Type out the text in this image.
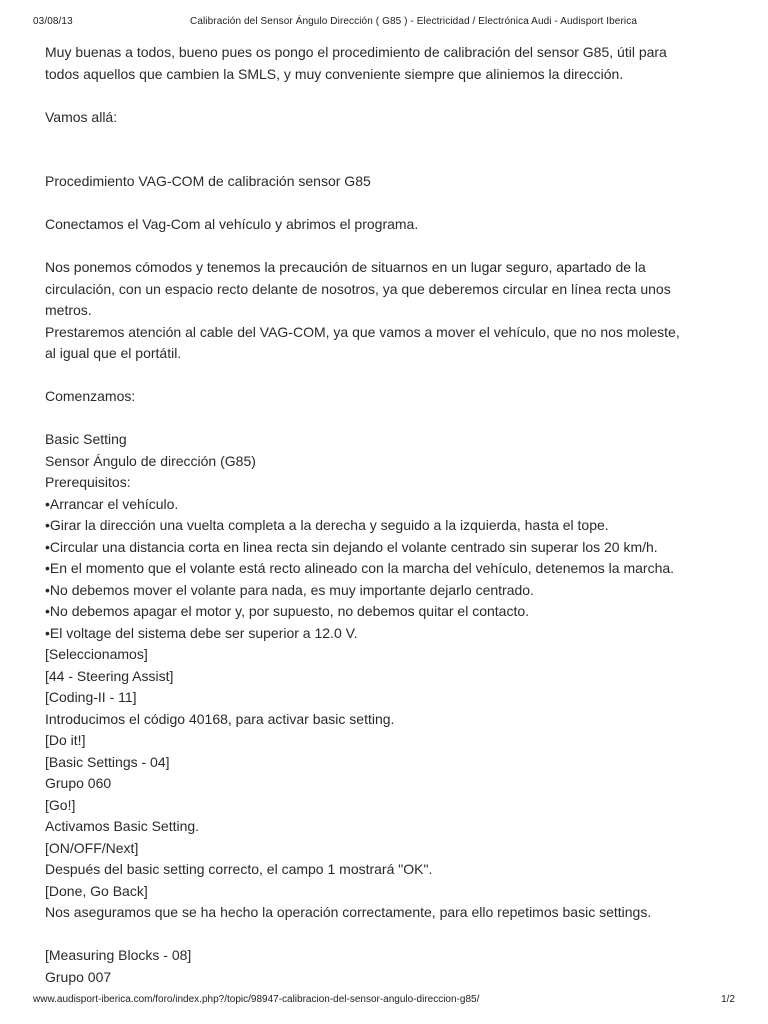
03/08/13	Calibración del Sensor Ángulo Dirección ( G85 ) - Electricidad / Electrónica Audi - Audisport Iberica
Muy buenas a todos, bueno pues os pongo el procedimiento de calibración del sensor G85, útil para
todos aquellos que cambien la SMLS, y muy conveniente siempre que aliniemos la dirección.
Vamos allá:
Procedimiento VAG-COM de calibración sensor G85
Conectamos el Vag-Com al vehículo y abrimos el programa.
Nos ponemos cómodos y tenemos la precaución de situarnos en un lugar seguro, apartado de la
circulación, con un espacio recto delante de nosotros, ya que deberemos circular en línea recta unos
metros.
Prestaremos atención al cable del VAG-COM, ya que vamos a mover el vehículo, que no nos moleste,
al igual que el portátil.
Comenzamos:
Basic Setting
Sensor Ángulo de dirección (G85)
Prerequisitos:
•Arrancar el vehículo.
•Girar la dirección una vuelta completa a la derecha y seguido a la izquierda, hasta el tope.
•Circular una distancia corta en linea recta sin dejando el volante centrado sin superar los 20 km/h.
•En el momento que el volante está recto alineado con la marcha del vehículo, detenemos la marcha.
•No debemos mover el volante para nada, es muy importante dejarlo centrado.
•No debemos apagar el motor y, por supuesto, no debemos quitar el contacto.
•El voltage del sistema debe ser superior a 12.0 V.
[Seleccionamos]
[44 - Steering Assist]
[Coding-II - 11]
Introducimos el código 40168, para activar basic setting.
[Do it!]
[Basic Settings - 04]
Grupo 060
[Go!]
Activamos Basic Setting.
[ON/OFF/Next]
Después del basic setting correcto, el campo 1 mostrará "OK".
[Done, Go Back]
Nos aseguramos que se ha hecho la operación correctamente, para ello repetimos basic settings.
[Measuring Blocks - 08]
Grupo 007
www.audisport-iberica.com/foro/index.php?/topic/98947-calibracion-del-sensor-angulo-direccion-g85/	1/2
